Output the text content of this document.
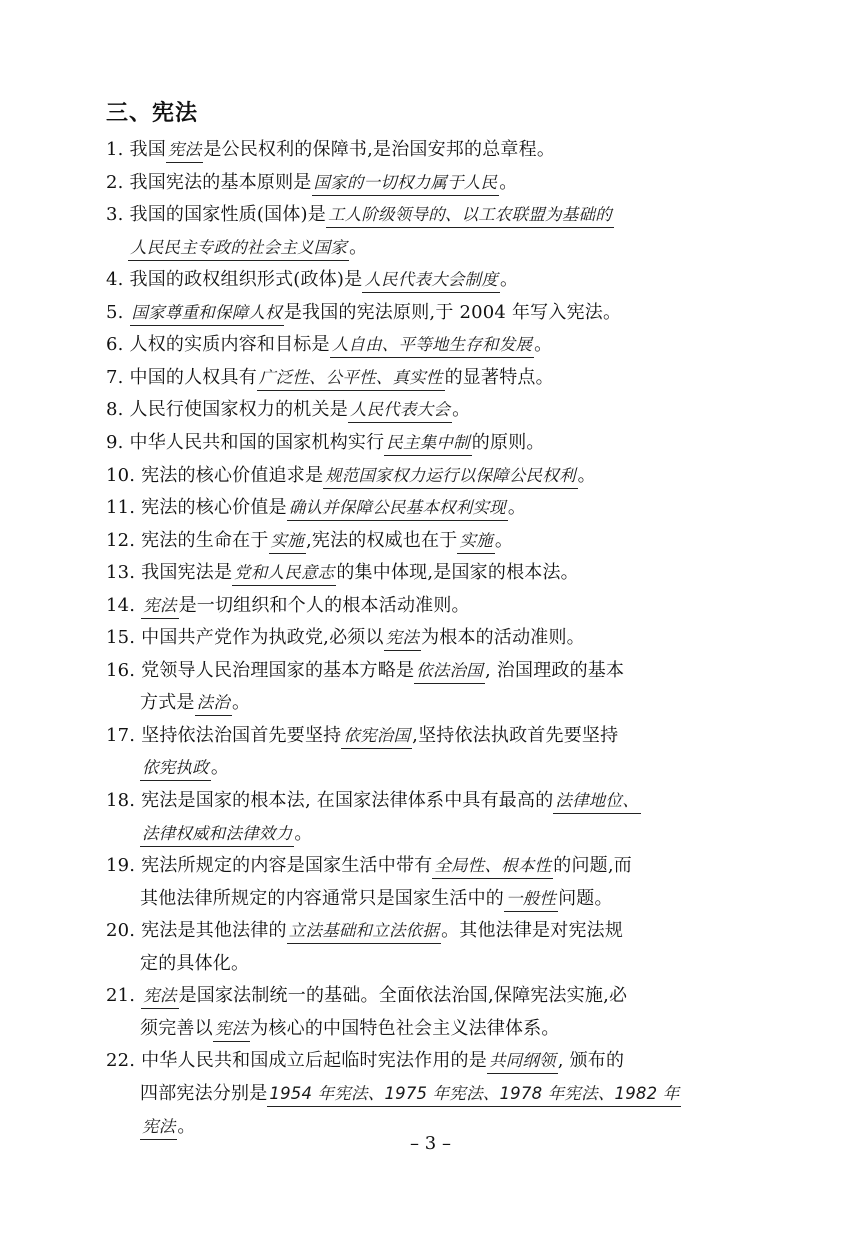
三、宪法
1. 我国 宪法 是公民权利的保障书,是治国安邦的总章程。
2. 我国宪法的基本原则是 国家的一切权力属于人民 。
3. 我国的国家性质(国体)是 工人阶级领导的、以工农联盟为基础的
人民民主专政的社会主义国家 。
4. 我国的政权组织形式(政体)是 人民代表大会制度 。
5. 国家尊重和保障人权 是我国的宪法原则,于 2004 年写入宪法。
6. 人权的实质内容和目标是 人自由、平等地生存和发展 。
7. 中国的人权具有 广泛性、公平性、真实性 的显著特点。
8. 人民行使国家权力的机关是 人民代表大会 。
9. 中华人民共和国的国家机构实行 民主集中制 的原则。
10. 宪法的核心价值追求是 规范国家权力运行以保障公民权利 。
11. 宪法的核心价值是 确认并保障公民基本权利实现 。
12. 宪法的生命在于 实施 ,宪法的权威也在于 实施 。
13. 我国宪法是 党和人民意志 的集中体现,是国家的根本法。
14. 宪法 是一切组织和个人的根本活动准则。
15. 中国共产党作为执政党,必须以 宪法 为根本的活动准则。
16. 党领导人民治理国家的基本方略是 依法治国 , 治国理政的基本
方式是 法治 。
17. 坚持依法治国首先要坚持 依宪治国 ,坚持依法执政首先要坚持
依宪执政 。
18. 宪法是国家的根本法, 在国家法律体系中具有最高的 法律地位、
法律权威和法律效力 。
19. 宪法所规定的内容是国家生活中带有 全局性、根本性 的问题,而
其他法律所规定的内容通常只是国家生活中的 一般性 问题。
20. 宪法是其他法律的 立法基础和立法依据 。其他法律是对宪法规
定的具体化。
21. 宪法 是国家法制统一的基础。全面依法治国,保障宪法实施,必
须完善以 宪法 为核心的中国特色社会主义法律体系。
22. 中华人民共和国成立后起临时宪法作用的是 共同纲领 , 颁布的
四部宪法分别是 1954 年宪法、1975 年宪法、1978 年宪法、1982 年
宪法 。
– 3 –
